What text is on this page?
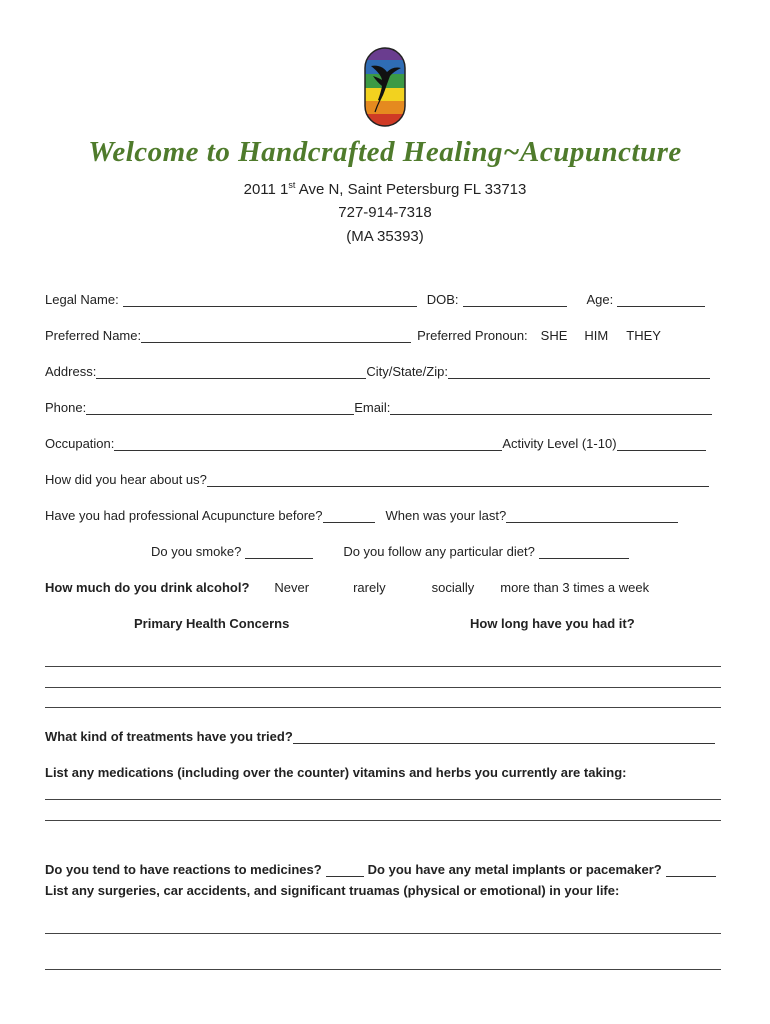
Welcome to Handcrafted Healing~Acupuncture
2011 1st Ave N, Saint Petersburg FL 33713
727-914-7318
(MA 35393)
Legal Name:	DOB:	Age:
Preferred Name:	Preferred Pronoun: SHE HIM THEY
Address:	City/State/Zip:
Phone:	Email:
Occupation:	Activity Level (1-10)
How did you hear about us?
Have you had professional Acupuncture before?	When was your last?
Do you smoke?	Do you follow any particular diet?
How much do you drink alcohol? Never	rarely	socially more than 3 times a week
Primary Health Concerns	How long have you had it?
What kind of treatments have you tried?
List any medications (including over the counter) vitamins and herbs you currently are taking:
Do you tend to have reactions to medicines?	Do you have any metal implants or pacemaker?
List any surgeries, car accidents, and significant truamas (physical or emotional) in your life:
